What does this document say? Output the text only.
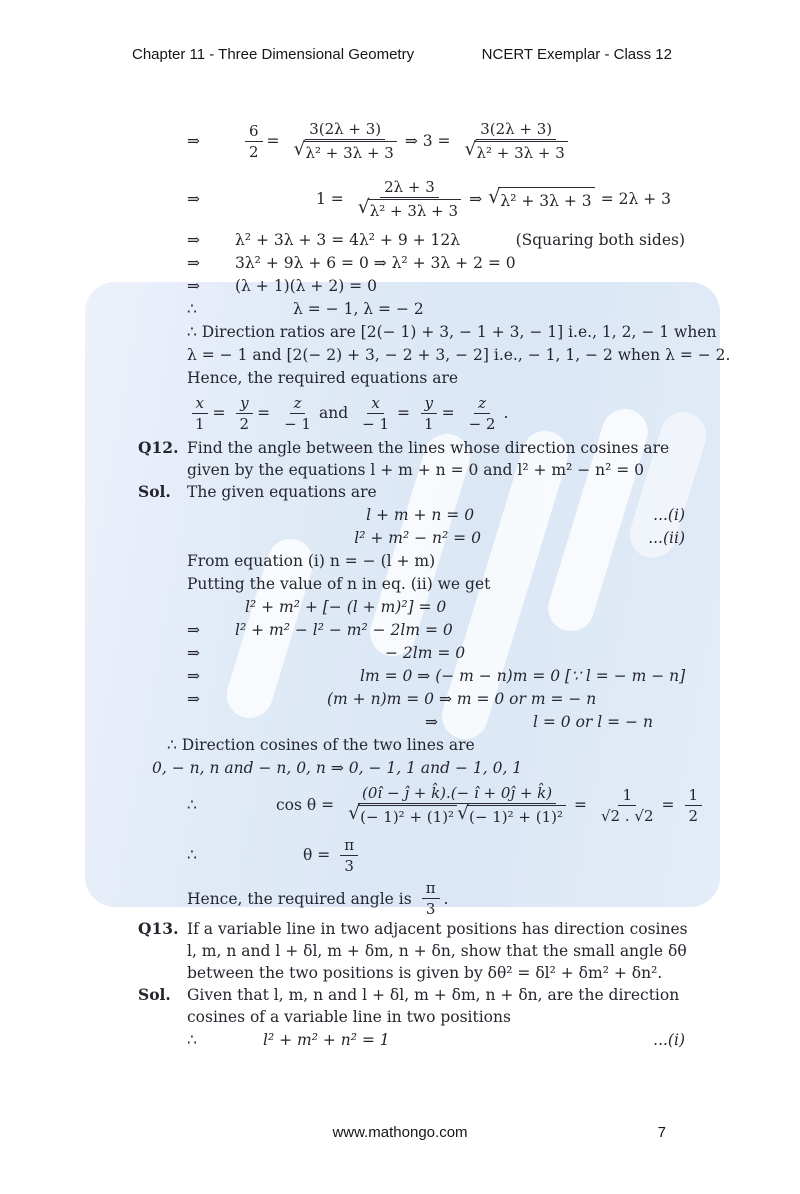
Chapter 11 - Three Dimensional Geometry	NCERT Exemplar - Class 12
⇒	$\frac{6}{2} = \frac{3(2\lambda + 3)}{\text{√ λ² + 3λ + 3}}$ ⇒ $3 = \frac{3(2\lambda + 3)}{\text{√ λ² + 3λ + 3}}$
⇒	$1 = \frac{2\lambda + 3}{\text{√ λ² + 3λ + 3}}$ ⇒ √ λ² + 3λ + 3 = 2λ + 3
⇒	λ² + 3λ + 3 = 4λ² + 9 + 12λ	(Squaring both sides)
⇒	3λ² + 9λ + 6 = 0 ⇒ λ² + 3λ + 2 = 0
⇒	(λ + 1)(λ + 2) = 0
∴	λ = − 1, λ = − 2
∴ Direction ratios are [2(− 1) + 3, − 1 + 3, − 1] i.e., 1, 2, − 1 when
λ = − 1 and [2(− 2) + 3, − 2 + 3, − 2] i.e., − 1, 1, − 2 when λ = − 2.
Hence, the required equations are
$\frac{x}{1} = \frac{y}{2} = \frac{z}{- 1}$ and $\frac{x}{- 1} = \frac{y}{1} = \frac{z}{- 2}$ .
Q12. Find the angle between the lines whose direction cosines are
given by the equations l + m + n = 0 and l² + m² − n² = 0
Sol.	The given equations are
l + m + n = 0	...(i)
l² + m² − n² = 0	...(ii)
From equation (i) n = − (l + m)
Putting the value of n in eq. (ii) we get
l² + m² + [− (l + m)²] = 0
⇒	l² + m² − l² − m² − 2lm = 0
⇒	− 2lm = 0
⇒	lm = 0 ⇒ (− m − n)m = 0 [∵ l = − m − n]
⇒	(m + n)m = 0 ⇒ m = 0 or m = − n
⇒	l = 0 or l = − n
∴ Direction cosines of the two lines are
0, − n, n and − n, 0, n ⇒ 0, − 1, 1 and − 1, 0, 1
∴	$\cos \theta = \frac{(0î - ĵ + k̂).(- î + 0ĵ + k̂)}{\text{√ (− 1)² + (1)² √ (− 1)² + (1)²}} = \frac{1}{√2 . √2} = \frac{1}{2}$
∴	$\theta = \frac{\pi}{3}$
Hence, the required angle is $\frac{\pi}{3}$ .
Q13. If a variable line in two adjacent positions has direction cosines
l, m, n and l + δl, m + δm, n + δn, show that the small angle δθ
between the two positions is given by δθ² = δl² + δm² + δn².
Sol.	Given that l, m, n and l + δl, m + δm, n + δn, are the direction
cosines of a variable line in two positions
∴	l² + m² + n² = 1	...(i)
www.mathongo.com	7
